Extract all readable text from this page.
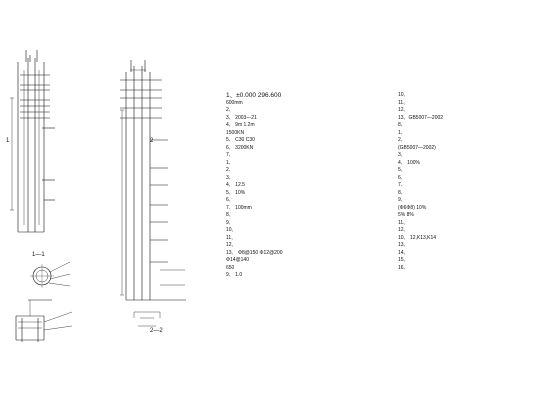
1
1—1
2
2—2
1、±0.000 296.600
600mm
2、
3、 2003—21
4、 9m 1.2m
1500KN
5、 C30 C30
6、 3200KN
7、
1、
2、
3、
4、 12.5
5、 10%
6、
7、 100mm
8、
9、
10、
11、
12、
13、 Φ8@150 Φ12@200
Φ14@140
650
9、 1.0
10、
11、
12、
13、GB5007—2002
8、
1、
2、
(GB5007—2002)
3、
4、 100%
5、
6、
7、
8、
9、
(Φ6Φ8) 10%
5% 8%
11、
12、
10、 12,K13,K14
13、
14、
15、
16、
